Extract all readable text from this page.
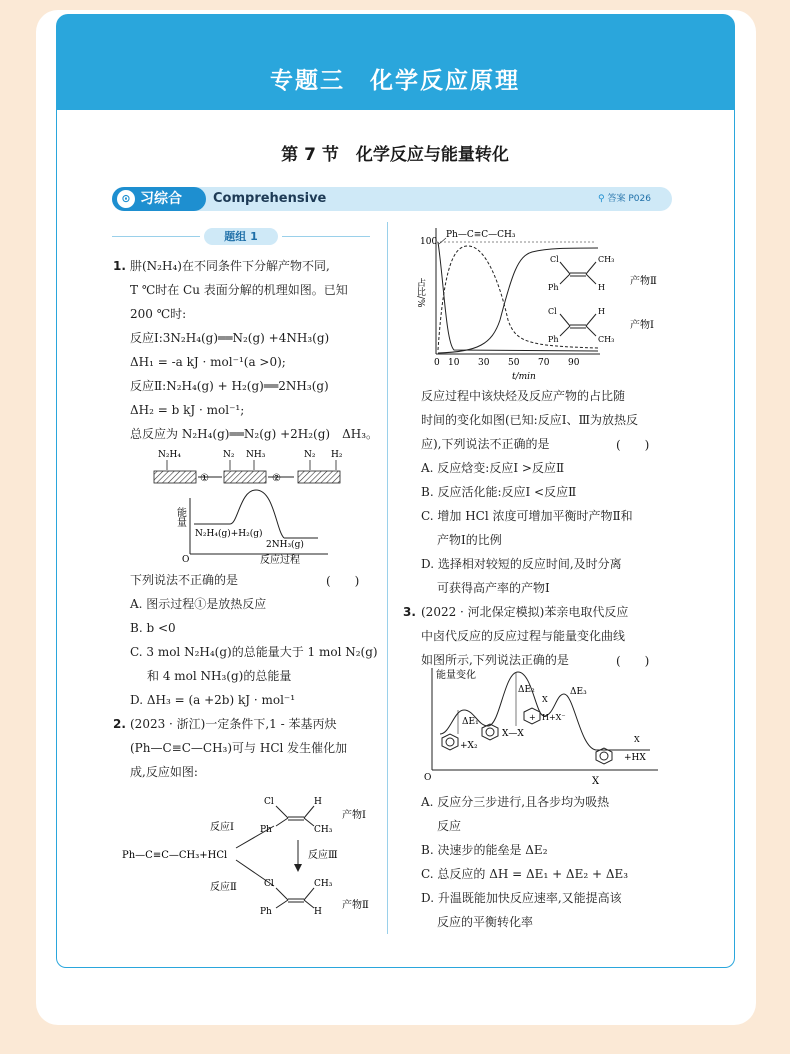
专题三　化学反应原理
第 7 节　化学反应与能量转化
⊙ 习综合	Comprehensive	⚲ 答案 P026
题组 1
1. 肼(N₂H₄)在不同条件下分解产物不同,
T ℃时在 Cu 表面分解的机理如图。已知
200 ℃时:
反应Ⅰ:3N₂H₄(g)══N₂(g) +4NH₃(g)
ΔH₁ = -a kJ · mol⁻¹(a >0);
反应Ⅱ:N₂H₄(g) + H₂(g)══2NH₃(g)
ΔH₂ = b kJ · mol⁻¹;
总反应为 N₂H₄(g)══N₂(g) +2H₂(g)　ΔH₃。
N₂H₄
①
N₂ NH₃
②
N₂ H₂
能量
O
N₂H₄(g)+H₂(g)
2NH₃(g)
反应过程
下列说法不正确的是	(　　)
A. 图示过程①是放热反应
B. b <0
C. 3 mol N₂H₄(g)的总能量大于 1 mol N₂(g)
和 4 mol NH₃(g)的总能量
D. ΔH₃ = (a +2b) kJ · mol⁻¹
2. (2023 · 浙江)一定条件下,1 - 苯基丙炔
(Ph—C≡C—CH₃)可与 HCl 发生催化加
成,反应如图:
Ph—C≡C—CH₃+HCl
反应Ⅰ
反应Ⅱ
Cl	H
Ph	CH₃
产物Ⅰ
反应Ⅲ
Cl	CH₃
Ph	H
产物Ⅱ
100
占比/%
Ph—C≡C—CH₃
0 10 30 50 70 90
t/min
Cl	CH₃
Ph	H
产物Ⅱ
Cl	H
Ph	CH₃
产物Ⅰ
反应过程中该炔烃及反应产物的占比随
时间的变化如图(已知:反应Ⅰ、Ⅲ为放热反
应),下列说法不正确的是	(　　)
A. 反应焓变:反应Ⅰ >反应Ⅱ
B. 反应活化能:反应Ⅰ <反应Ⅱ
C. 增加 HCl 浓度可增加平衡时产物Ⅱ和
产物Ⅰ的比例
D. 选择相对较短的反应时间,及时分离
可获得高产率的产物Ⅰ
3. (2022 · 河北保定模拟)苯亲电取代反应
中卤代反应的反应过程与能量变化曲线
如图所示,下列说法正确的是	(　　)
能量变化
O	X
ΔE₁
ΔE₂	ΔE₃
+X₂
X—X
+
X
H+X⁻
X
+HX
A. 反应分三步进行,且各步均为吸热
反应
B. 决速步的能垒是 ΔE₂
C. 总反应的 ΔH = ΔE₁ + ΔE₂ + ΔE₃
D. 升温既能加快反应速率,又能提高该
反应的平衡转化率
